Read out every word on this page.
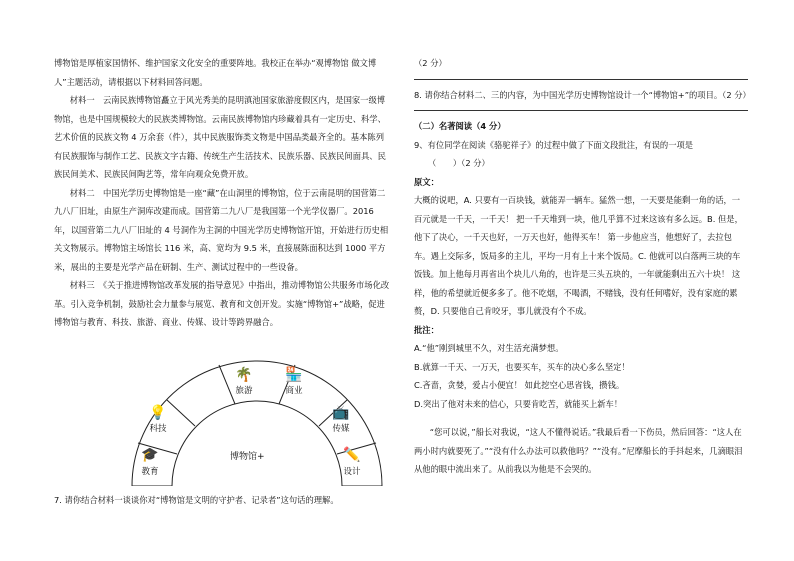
博物馆是厚植家国情怀、维护国家文化安全的重要阵地。我校正在举办“观博物馆 做文博人”主题活动，请根据以下材料回答问题。

材料一　云南民族博物馆矗立于风光秀美的昆明滇池国家旅游度假区内，是国家一级博物馆，也是中国规模较大的民族类博物馆。云南民族博物馆内珍藏着具有一定历史、科学、艺术价值的民族文物 4 万余套（件），其中民族服饰类文物是中国品类最齐全的。基本陈列有民族服饰与制作工艺、民族文字古籍、传统生产生活技术、民族乐器、民族民间面具、民族民间美术、民族民间陶艺等，常年向观众免费开放。

材料二　中国光学历史博物馆是一座“藏”在山洞里的博物馆，位于云南昆明的国营第二九八厂旧址，由原生产洞库改建而成。国营第二九八厂是我国第一个光学仪器厂。2016 年，以国营第二九八厂旧址的 4 号洞作为主洞的中国光学历史博物馆开馆，开始进行历史相关文物展示。博物馆主场馆长 116 米，高、宽均为 9.5 米，直接展陈面积达到 1000 平方米，展出的主要是光学产品在研制、生产、测试过程中的一些设备。

材料三　《关于推进博物馆改革发展的指导意见》中指出，推动博物馆公共服务市场化改革。引入竞争机制，鼓励社会力量参与展览、教育和文创开发。实施“博物馆+”战略，促进博物馆与教育、科技、旅游、商业、传媒、设计等跨界融合。

🌴
旅游
🏪
商业
💡
科技
📺
传媒
🎓
教育
✏️
设计
博物馆+

7. 请你结合材料一谈谈你对“博物馆是文明的守护者、记录者”这句话的理解。

（2 分）

8. 请你结合材料二、三的内容，为中国光学历史博物馆设计一个“博物馆+”的项目。（2 分）

（二）名著阅读（4 分）

9、有位同学在阅读《骆驼祥子》的过程中做了下面文段批注，有误的一项是

（　　）（2 分）

原文：

大概的说吧，A. 只要有一百块钱，就能弄一辆车。猛然一想，一天要是能剩一角的话，一百元就是一千天，一千天！ 把一千天堆到一块，他几乎算不过来这该有多么远。B. 但是，他下了决心，一千天也好，一万天也好，他得买车！ 第一步他应当，他想好了，去拉包车。遇上交际多，饭局多的主儿，平均一月有上十来个饭局。C. 他就可以白落两三块的车饭钱。加上他每月再省出个块儿八角的，也许是三头五块的，一年就能剩出五六十块！ 这样，他的希望就近便多多了。他不吃烟，不喝酒，不赌钱，没有任何嗜好，没有家庭的累赘，D. 只要他自己肯咬牙，事儿就没有个不成。

批注：

A.“他”刚到城里不久，对生活充满梦想。

B.就算一千天、一万天，也要买车，买车的决心多么坚定！

C.吝啬，贪婪，爱占小便宜！ 如此挖空心思省钱，攒钱。

D.突出了他对未来的信心，只要肯吃苦，就能买上新车！

“您可以说，”船长对我说，“这人不懂得说话。”我最后看一下伤员，然后回答：“这人在两小时内就要死了。”“没有什么办法可以救他吗？”“没有。”尼摩船长的手抖起来，几滴眼泪从他的眼中流出来了。从前我以为他是不会哭的。
